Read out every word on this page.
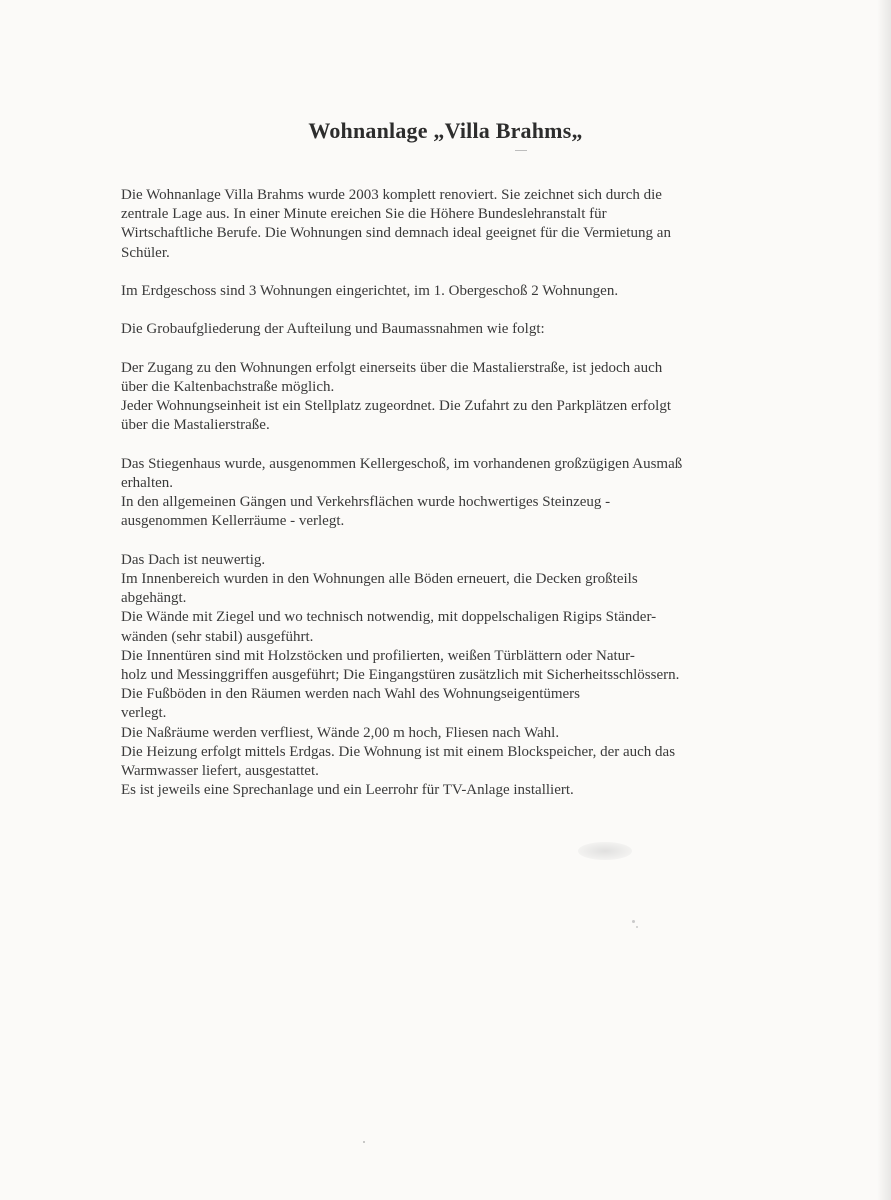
Wohnanlage „Villa Brahms„
Die Wohnanlage Villa Brahms wurde 2003 komplett renoviert. Sie zeichnet sich durch die
zentrale Lage aus. In einer Minute ereichen Sie die Höhere Bundeslehranstalt für
Wirtschaftliche Berufe. Die Wohnungen sind demnach ideal geeignet für die Vermietung an
Schüler.
Im Erdgeschoss sind 3 Wohnungen eingerichtet, im 1. Obergeschoß 2 Wohnungen.
Die Grobaufgliederung der Aufteilung und Baumassnahmen wie folgt:
Der Zugang zu den Wohnungen erfolgt einerseits über die Mastalierstraße, ist jedoch auch
über die Kaltenbachstraße möglich.
Jeder Wohnungseinheit ist ein Stellplatz zugeordnet. Die Zufahrt zu den Parkplätzen erfolgt
über die Mastalierstraße.
Das Stiegenhaus wurde, ausgenommen Kellergeschoß, im vorhandenen großzügigen Ausmaß
erhalten.
In den allgemeinen Gängen und Verkehrsflächen wurde hochwertiges Steinzeug -
ausgenommen Kellerräume - verlegt.
Das Dach ist neuwertig.
Im Innenbereich wurden in den Wohnungen alle Böden erneuert, die Decken großteils
abgehängt.
Die Wände mit Ziegel und wo technisch notwendig, mit doppelschaligen Rigips Ständer-
wänden (sehr stabil) ausgeführt.
Die Innentüren sind mit Holzstöcken und profilierten, weißen Türblättern oder Natur-
holz und Messinggriffen ausgeführt; Die Eingangstüren zusätzlich mit Sicherheitsschlössern.
Die Fußböden in den Räumen werden nach Wahl des Wohnungseigentümers
verlegt.
Die Naßräume werden verfliest, Wände 2,00 m hoch, Fliesen nach Wahl.
Die Heizung erfolgt mittels Erdgas. Die Wohnung ist mit einem Blockspeicher, der auch das
Warmwasser liefert, ausgestattet.
Es ist jeweils eine Sprechanlage und ein Leerrohr für TV-Anlage installiert.
